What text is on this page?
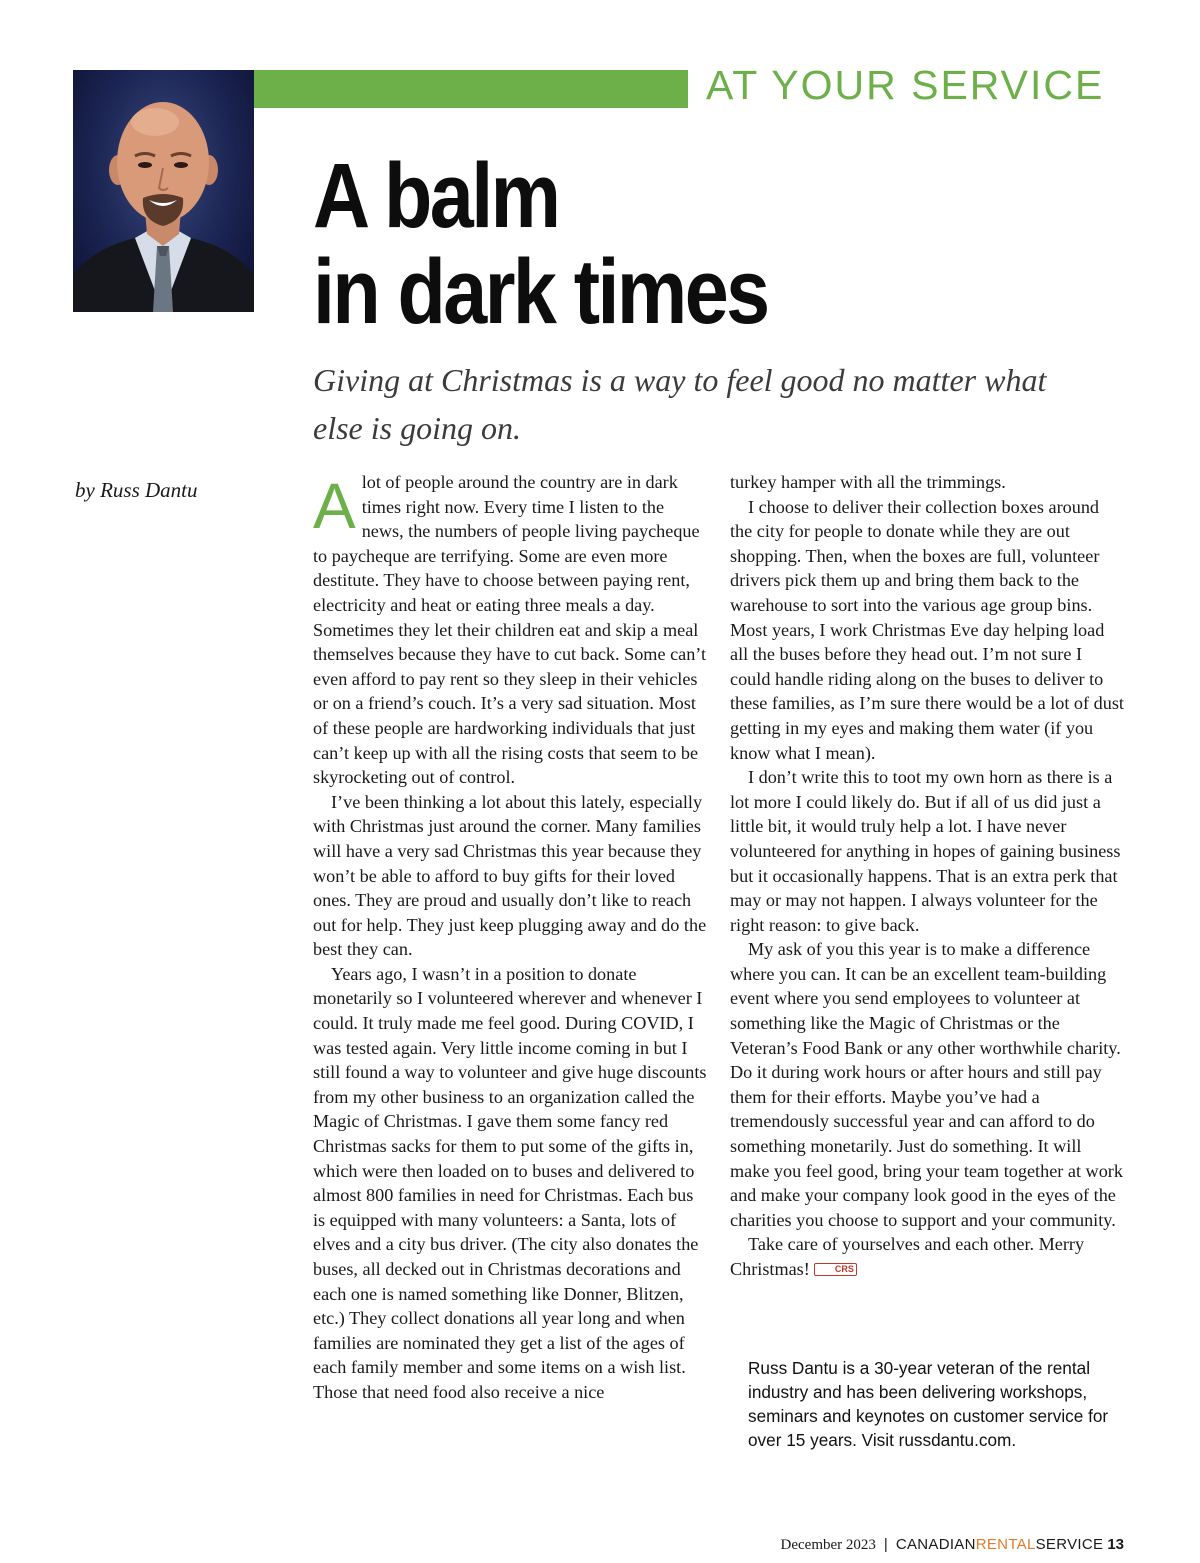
AT YOUR SERVICE
A balm
in dark times

Giving at Christmas is a way to feel good no matter what else is going on.

by Russ Dantu Alot of people around the country are in dark times right now. Every time I listen to the news, the numbers of people living paycheque to paycheque are terrifying. Some are even more destitute. They have to choose between paying rent, electricity and heat or eating three meals a day. Sometimes they let their children eat and skip a meal themselves because they have to cut back. Some can’t even afford to pay rent so they sleep in their vehicles or on a friend’s couch. It’s a very sad situation. Most of these people are hardworking individuals that just can’t keep up with all the rising costs that seem to be skyrocketing out of control.

I’ve been thinking a lot about this lately, especially with Christmas just around the corner. Many families will have a very sad Christmas this year because they won’t be able to afford to buy gifts for their loved ones. They are proud and usually don’t like to reach out for help. They just keep plugging away and do the best they can.

Years ago, I wasn’t in a position to donate monetarily so I volunteered wherever and whenever I could. It truly made me feel good. During COVID, I was tested again. Very little income coming in but I still found a way to volunteer and give huge discounts from my other business to an organization called the Magic of Christmas. I gave them some fancy red Christmas sacks for them to put some of the gifts in, which were then loaded on to buses and delivered to almost 800 families in need for Christmas. Each bus is equipped with many volunteers: a Santa, lots of elves and a city bus driver. (The city also donates the buses, all decked out in Christmas decorations and each one is named something like Donner, Blitzen, etc.) They collect donations all year long and when families are nominated they get a list of the ages of each family member and some items on a wish list. Those that need food also receive a nice

turkey hamper with all the trimmings.

I choose to deliver their collection boxes around the city for people to donate while they are out shopping. Then, when the boxes are full, volunteer drivers pick them up and bring them back to the warehouse to sort into the various age group bins. Most years, I work Christmas Eve day helping load all the buses before they head out. I’m not sure I could handle riding along on the buses to deliver to these families, as I’m sure there would be a lot of dust getting in my eyes and making them water (if you know what I mean).

I don’t write this to toot my own horn as there is a lot more I could likely do. But if all of us did just a little bit, it would truly help a lot. I have never volunteered for anything in hopes of gaining business but it occasionally happens. That is an extra perk that may or may not happen. I always volunteer for the right reason: to give back.

My ask of you this year is to make a difference where you can. It can be an excellent team-building event where you send employees to volunteer at something like the Magic of Christmas or the Veteran’s Food Bank or any other worthwhile charity. Do it during work hours or after hours and still pay them for their efforts. Maybe you’ve had a tremendously successful year and can afford to do something monetarily. Just do something. It will make you feel good, bring your team together at work and make your company look good in the eyes of the charities you choose to support and your community.

Take care of yourselves and each other. Merry Christmas!	CRS

Russ Dantu is a 30-year veteran of the rental industry and has been delivering workshops, seminars and keynotes on customer service for over 15 years. Visit russdantu.com.

December 2023 | CANADIANRENTALSERVICE 13
